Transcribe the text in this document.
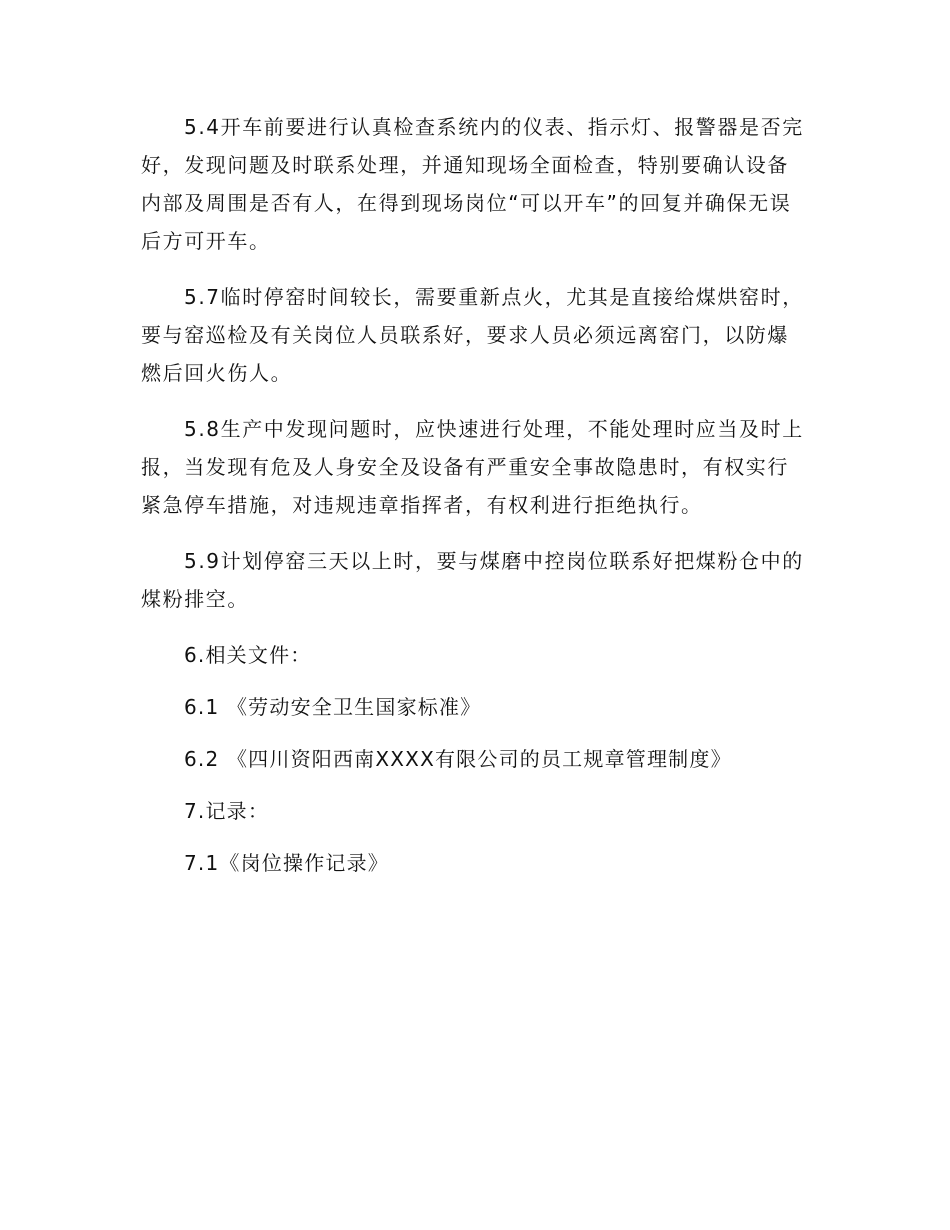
5.4开车前要进行认真检查系统内的仪表、指示灯、报警器是否完好，发现问题及时联系处理，并通知现场全面检查，特别要确认设备内部及周围是否有人，在得到现场岗位“可以开车”的回复并确保无误后方可开车。

5.7临时停窑时间较长，需要重新点火，尤其是直接给煤烘窑时，要与窑巡检及有关岗位人员联系好，要求人员必须远离窑门，以防爆燃后回火伤人。

5.8生产中发现问题时，应快速进行处理，不能处理时应当及时上报，当发现有危及人身安全及设备有严重安全事故隐患时，有权实行紧急停车措施，对违规违章指挥者，有权利进行拒绝执行。

5.9计划停窑三天以上时，要与煤磨中控岗位联系好把煤粉仓中的煤粉排空。

6.相关文件：

6.1 《劳动安全卫生国家标准》

6.2 《四川资阳西南XXXX有限公司的员工规章管理制度》

7.记录：

7.1《岗位操作记录》
